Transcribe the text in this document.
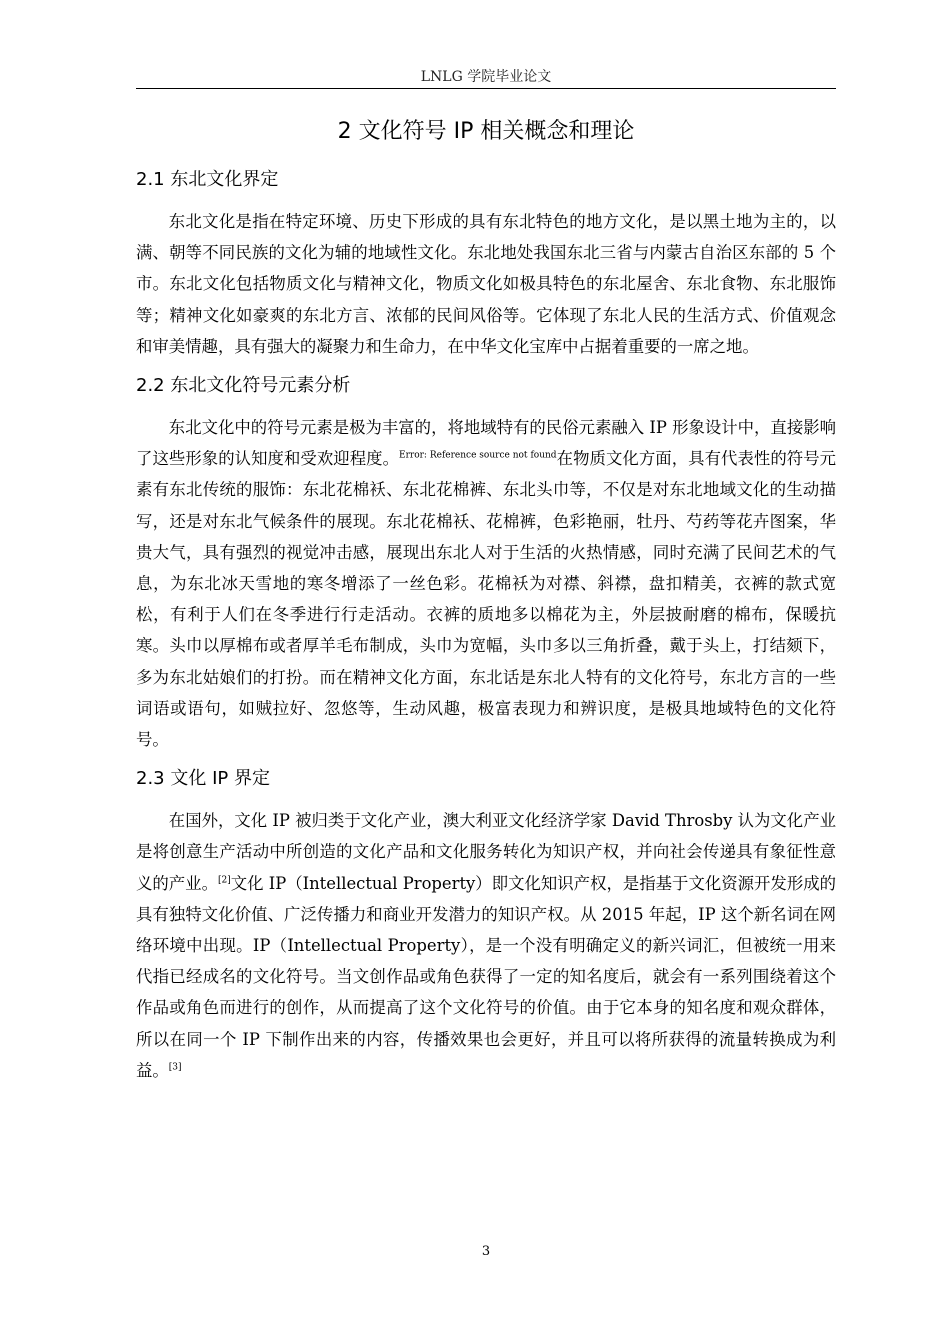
LNLG 学院毕业论文
2 文化符号 IP 相关概念和理论
2.1 东北文化界定

东北文化是指在特定环境、历史下形成的具有东北特色的地方文化，是以黑土地为主的，以满、朝等不同民族的文化为辅的地域性文化。东北地处我国东北三省与内蒙古自治区东部的 5 个市。东北文化包括物质文化与精神文化，物质文化如极具特色的东北屋舍、东北食物、东北服饰等；精神文化如豪爽的东北方言、浓郁的民间风俗等。它体现了东北人民的生活方式、价值观念和审美情趣，具有强大的凝聚力和生命力，在中华文化宝库中占据着重要的一席之地。

2.2 东北文化符号元素分析

东北文化中的符号元素是极为丰富的，将地域特有的民俗元素融入 IP 形象设计中，直接影响了这些形象的认知度和受欢迎程度。$^{Error: Reference source not found}$在物质文化方面，具有代表性的符号元素有东北传统的服饰：东北花棉袄、东北花棉裤、东北头巾等，不仅是对东北地域文化的生动描写，还是对东北气候条件的展现。东北花棉袄、花棉裤，色彩艳丽，牡丹、芍药等花卉图案，华贵大气，具有强烈的视觉冲击感，展现出东北人对于生活的火热情感，同时充满了民间艺术的气息，为东北冰天雪地的寒冬增添了一丝色彩。花棉袄为对襟、斜襟，盘扣精美，衣裤的款式宽松，有利于人们在冬季进行行走活动。衣裤的质地多以棉花为主，外层披耐磨的棉布，保暖抗寒。头巾以厚棉布或者厚羊毛布制成，头巾为宽幅，头巾多以三角折叠，戴于头上，打结颏下，多为东北姑娘们的打扮。而在精神文化方面，东北话是东北人特有的文化符号，东北方言的一些词语或语句，如贼拉好、忽悠等，生动风趣，极富表现力和辨识度，是极具地域特色的文化符号。

2.3 文化 IP 界定

在国外，文化 IP 被归类于文化产业，澳大利亚文化经济学家 David Throsby 认为文化产业是将创意生产活动中所创造的文化产品和文化服务转化为知识产权，并向社会传递具有象征性意义的产业。[2]文化 IP（Intellectual Property）即文化知识产权，是指基于文化资源开发形成的具有独特文化价值、广泛传播力和商业开发潜力的知识产权。从 2015 年起，IP 这个新名词在网络环境中出现。IP（Intellectual Property），是一个没有明确定义的新兴词汇，但被统一用来代指已经成名的文化符号。当文创作品或角色获得了一定的知名度后，就会有一系列围绕着这个作品或角色而进行的创作，从而提高了这个文化符号的价值。由于它本身的知名度和观众群体，所以在同一个 IP 下制作出来的内容，传播效果也会更好，并且可以将所获得的流量转换成为利益。[3]

3
